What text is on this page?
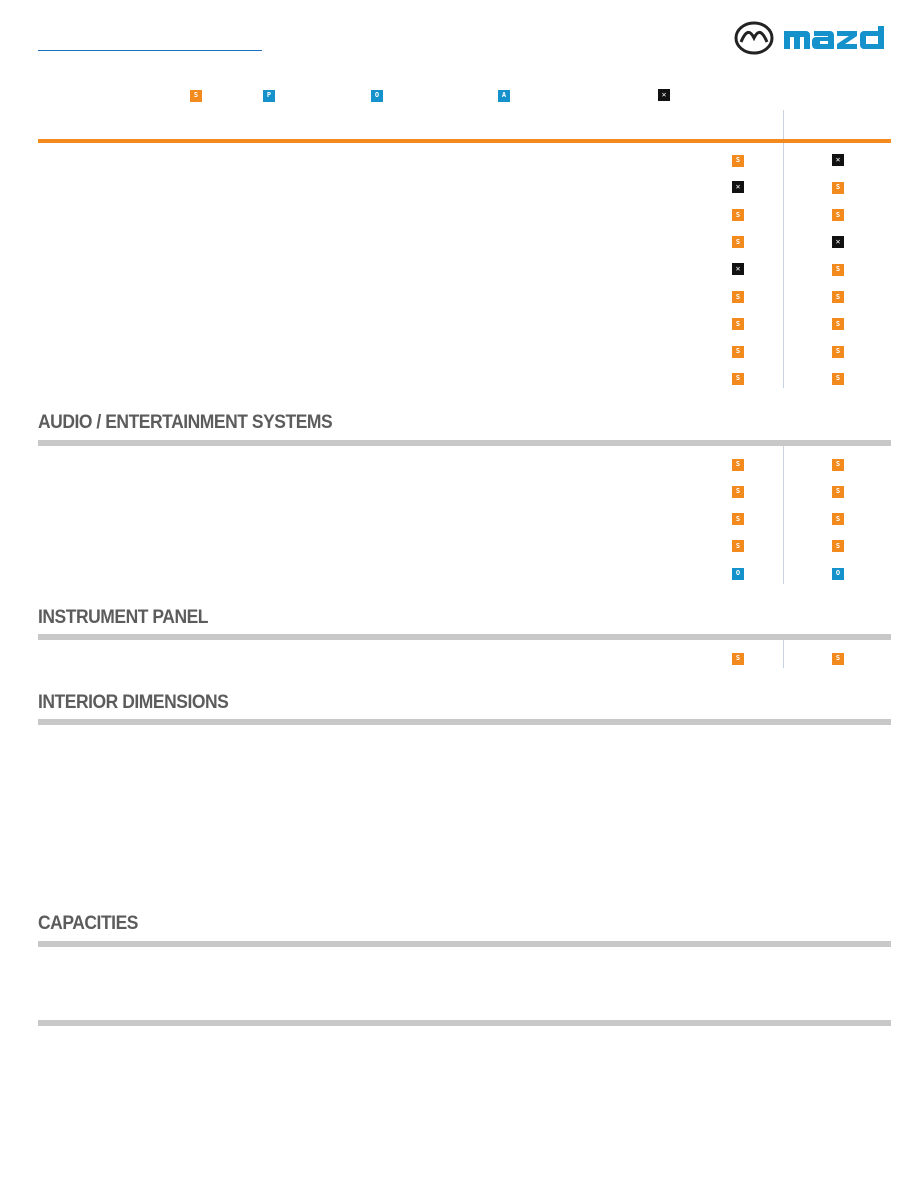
S	P	O	A	✕
S	✕
✕	S
S	S
S	✕
✕	S
S	S
S	S
S	S
S	S
AUDIO / ENTERTAINMENT SYSTEMS
S	S
S	S
S	S
S	S
O	O
INSTRUMENT PANEL
S	S
INTERIOR DIMENSIONS
CAPACITIES
